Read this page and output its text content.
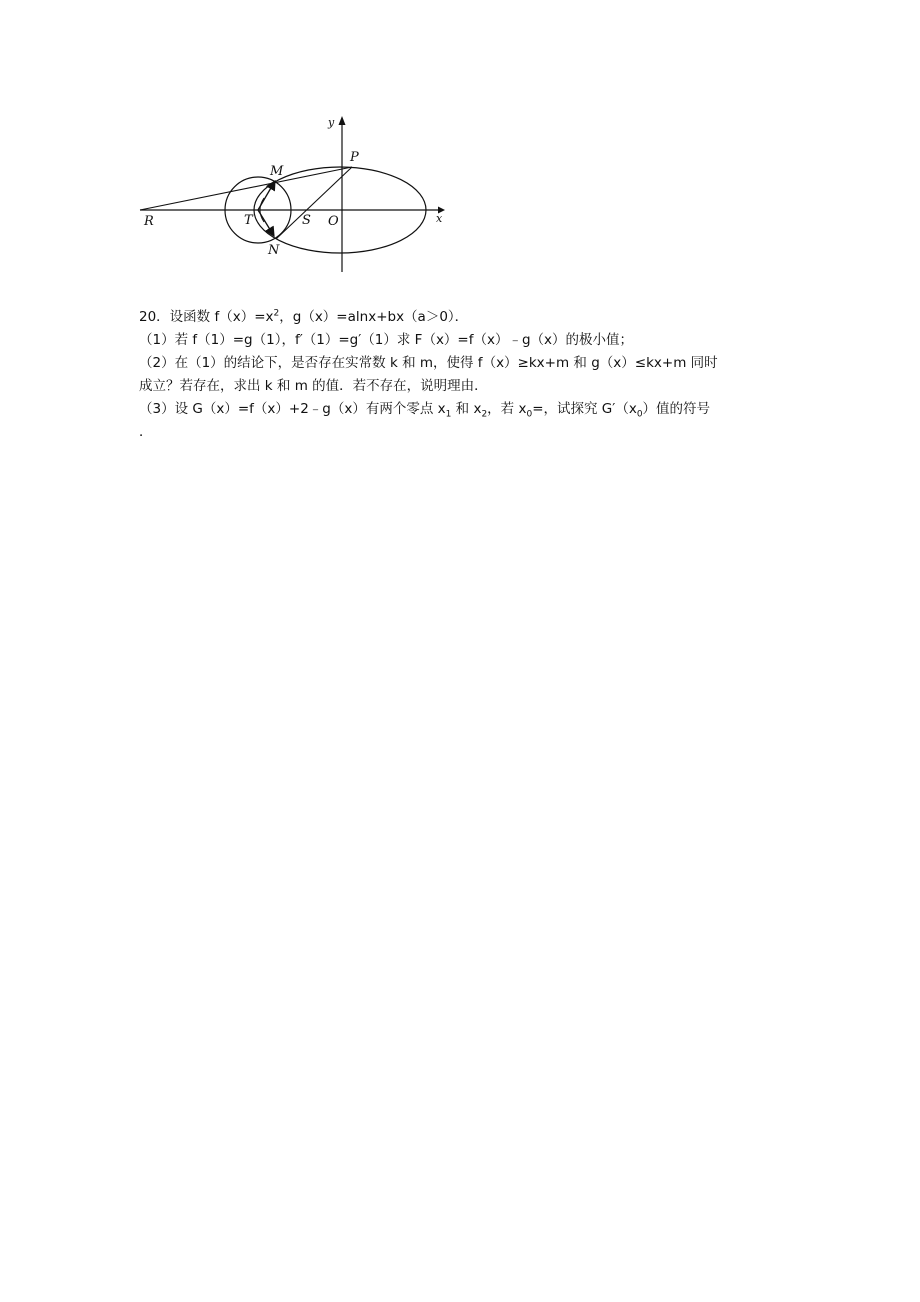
y
x
R	T	S O
M
N
P
20．设函数 $f(x)=x^2$，g（x）=alnx+bx（a＞0）．
（1）若 f（1）=g（1），f′（1）=g′（1）求 F（x）=f（x）﹣g（x）的极小值；
（2）在（1）的结论下，是否存在实常数 k 和 m，使得 f（x）≥kx+m 和 g（x）≤kx+m 同时
成立？若存在，求出 k 和 m 的值．若不存在，说明理由．
（3）设 G（x）=f（x）+2﹣g（x）有两个零点 $x_1$ 和 $x_2$，若 $x_0=$，试探究 $G'(x_0)$值的符号
．
